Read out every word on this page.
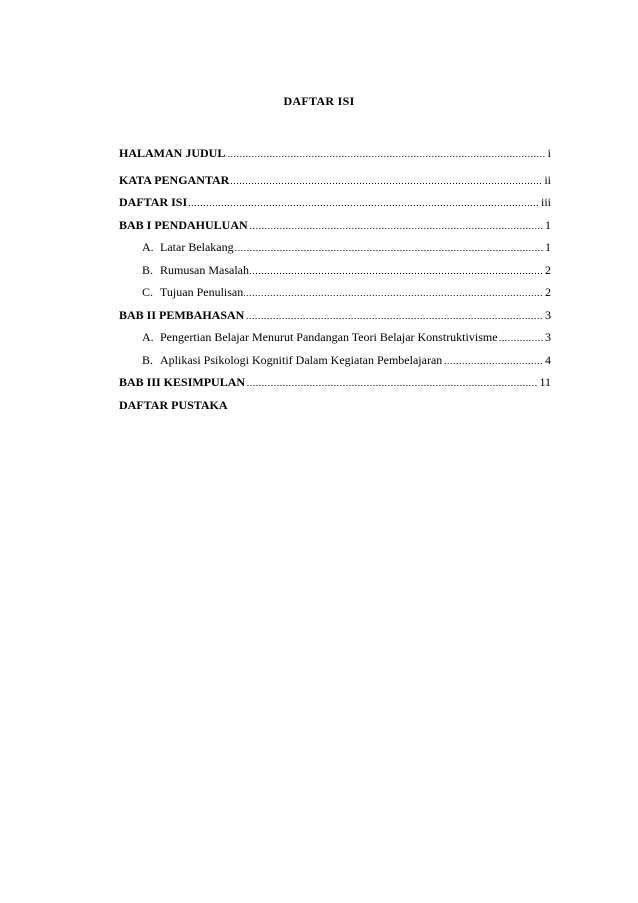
DAFTAR ISI
HALAMAN JUDUL	i
KATA PENGANTAR	ii
DAFTAR ISI	iii
BAB I PENDAHULUAN	1
A. Latar Belakang	1
B. Rumusan Masalah	2
C. Tujuan Penulisan	2
BAB II PEMBAHASAN	3
A. Pengertian Belajar Menurut Pandangan Teori Belajar Konstruktivisme	3
B. Aplikasi Psikologi Kognitif Dalam Kegiatan Pembelajaran	4
BAB III KESIMPULAN	11
DAFTAR PUSTAKA
